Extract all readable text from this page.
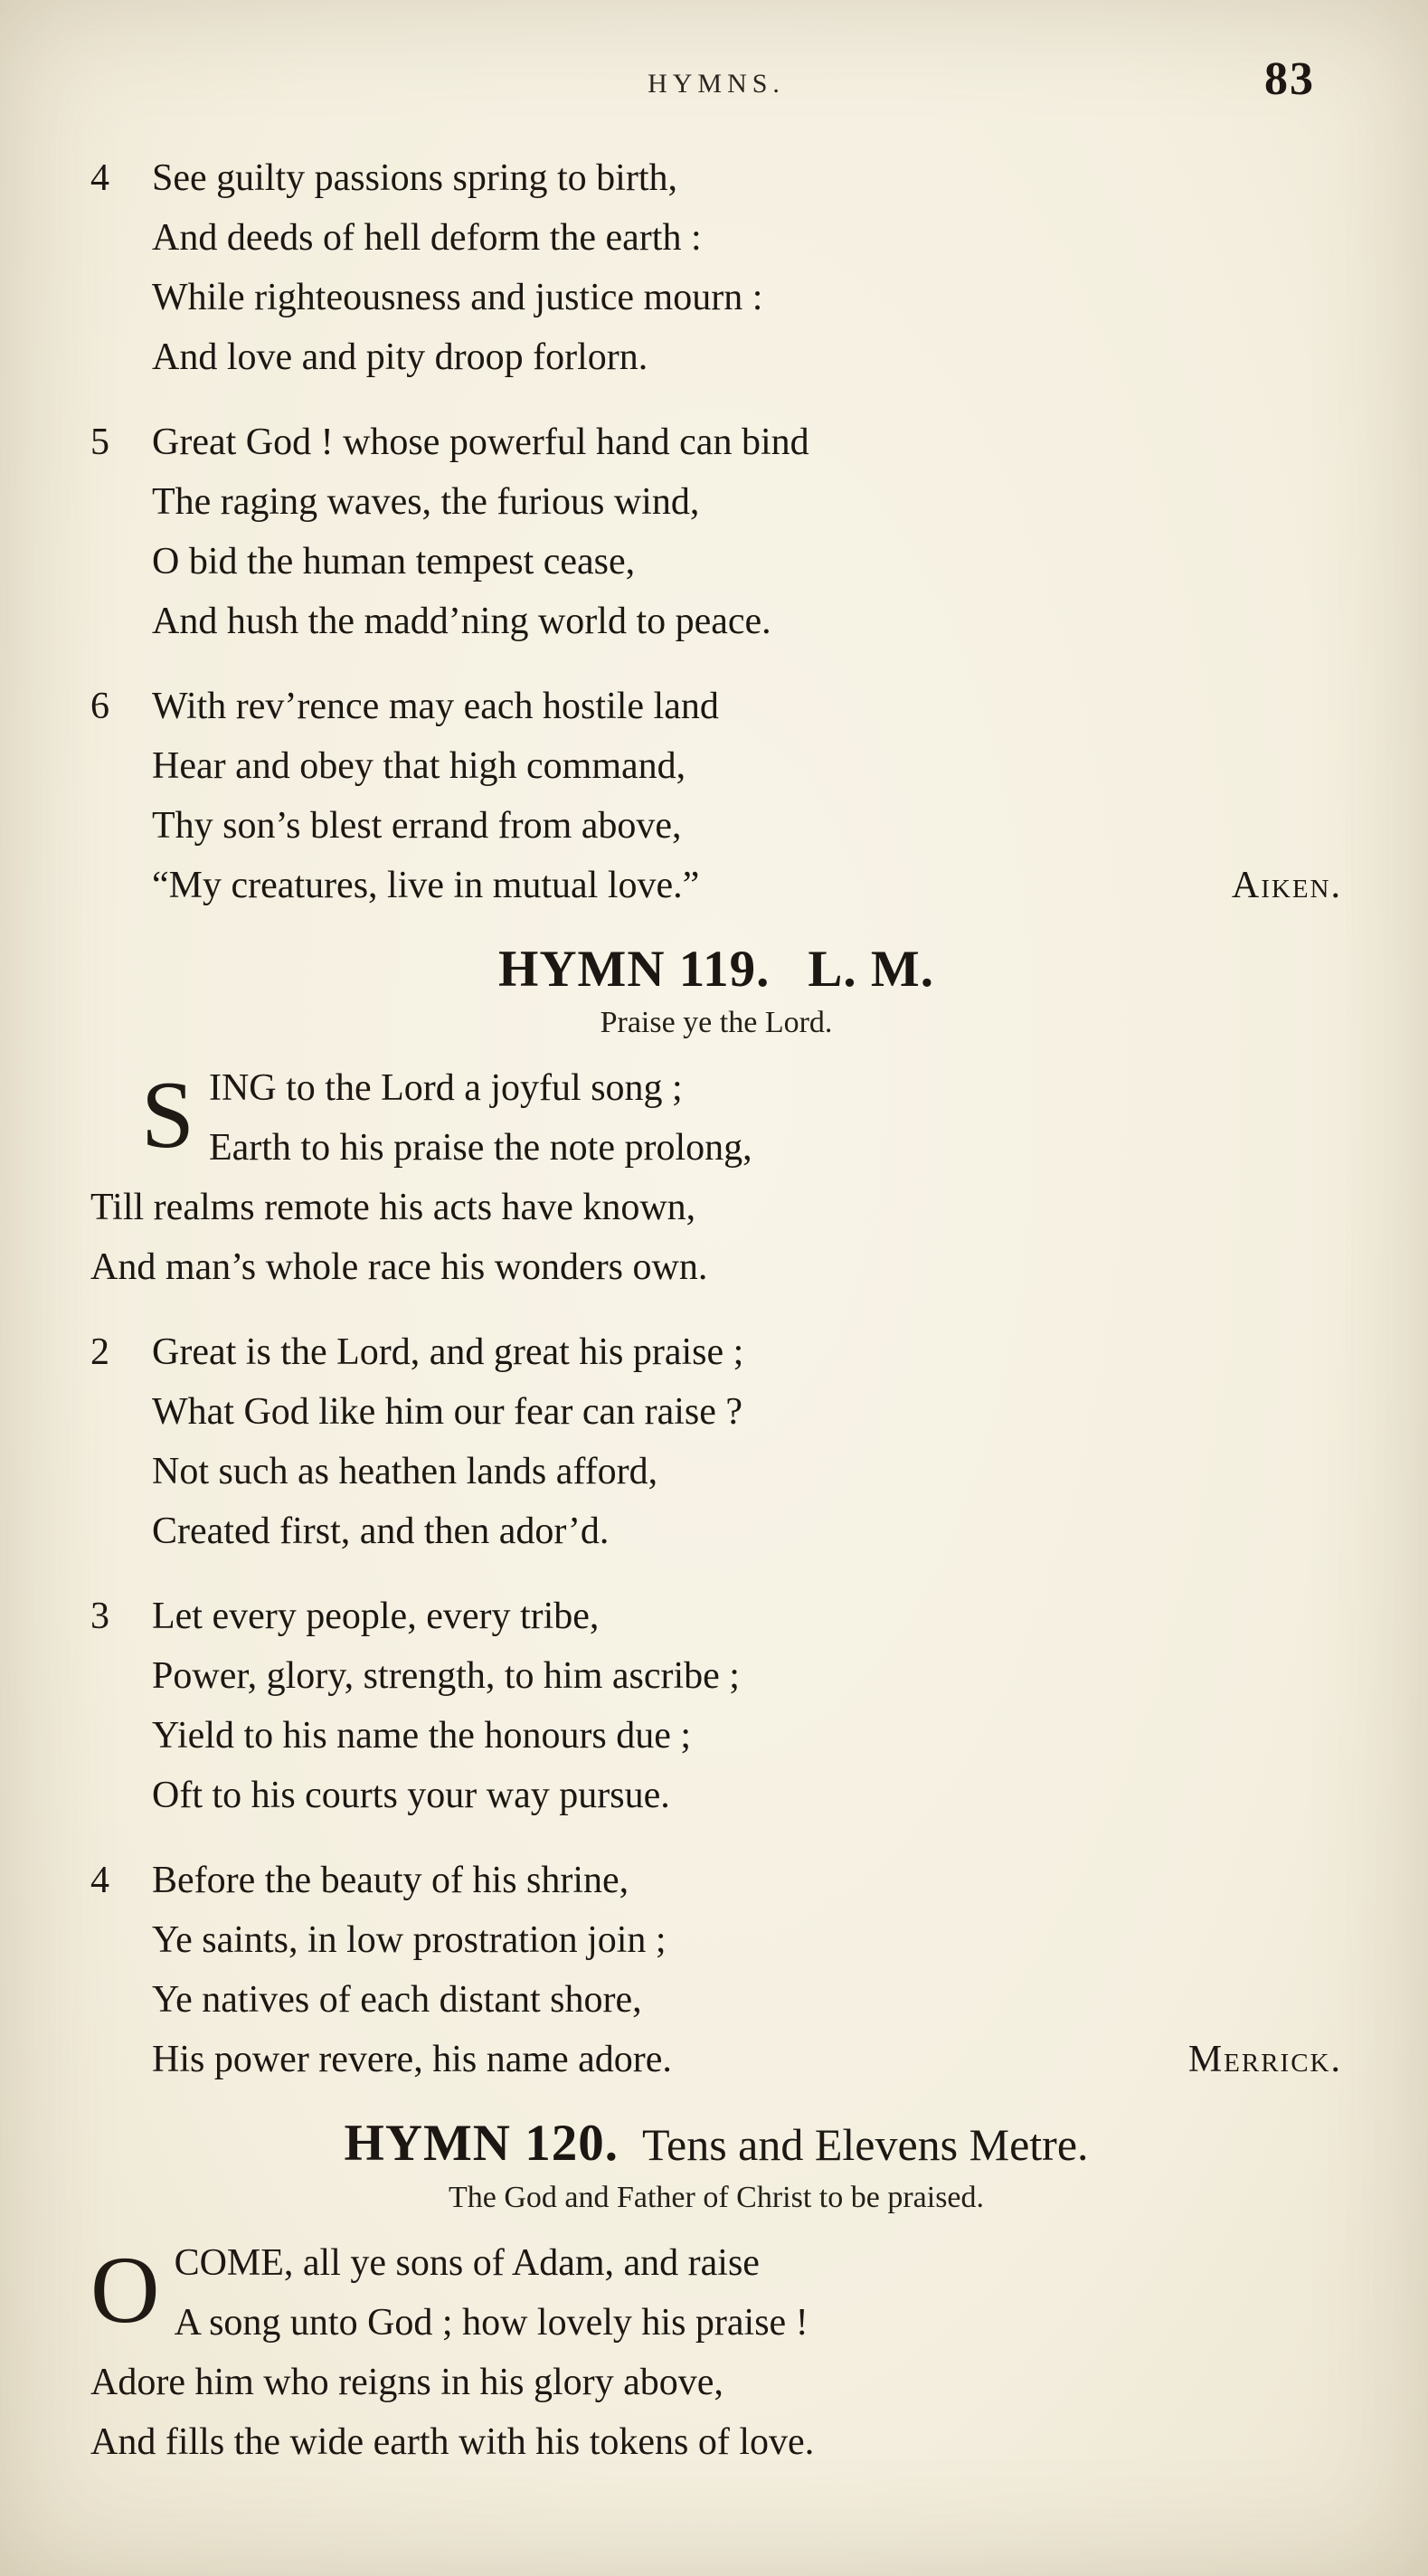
HYMNS.	83
4	See guilty passions spring to birth,
And deeds of hell deform the earth :
While righteousness and justice mourn :
And love and pity droop forlorn.
5	Great God ! whose powerful hand can bind
The raging waves, the furious wind,
O bid the human tempest cease,
And hush the madd’ning world to peace.
6	With rev’rence may each hostile land
Hear and obey that high command,
Thy son’s blest errand from above,
“My creatures, live in mutual love.”	Aiken.
HYMN 119. L. M.
Praise ye the Lord.
S ING to the Lord a joyful song ;
Earth to his praise the note prolong,
Till realms remote his acts have known,
And man’s whole race his wonders own.
2	Great is the Lord, and great his praise ;
What God like him our fear can raise ?
Not such as heathen lands afford,
Created first, and then ador’d.
3	Let every people, every tribe,
Power, glory, strength, to him ascribe ;
Yield to his name the honours due ;
Oft to his courts your way pursue.
4	Before the beauty of his shrine,
Ye saints, in low prostration join ;
Ye natives of each distant shore,
His power revere, his name adore.	Merrick.
HYMN 120. Tens and Elevens Metre.
The God and Father of Christ to be praised.
O COME, all ye sons of Adam, and raise
A song unto God ; how lovely his praise !
Adore him who reigns in his glory above,
And fills the wide earth with his tokens of love.
